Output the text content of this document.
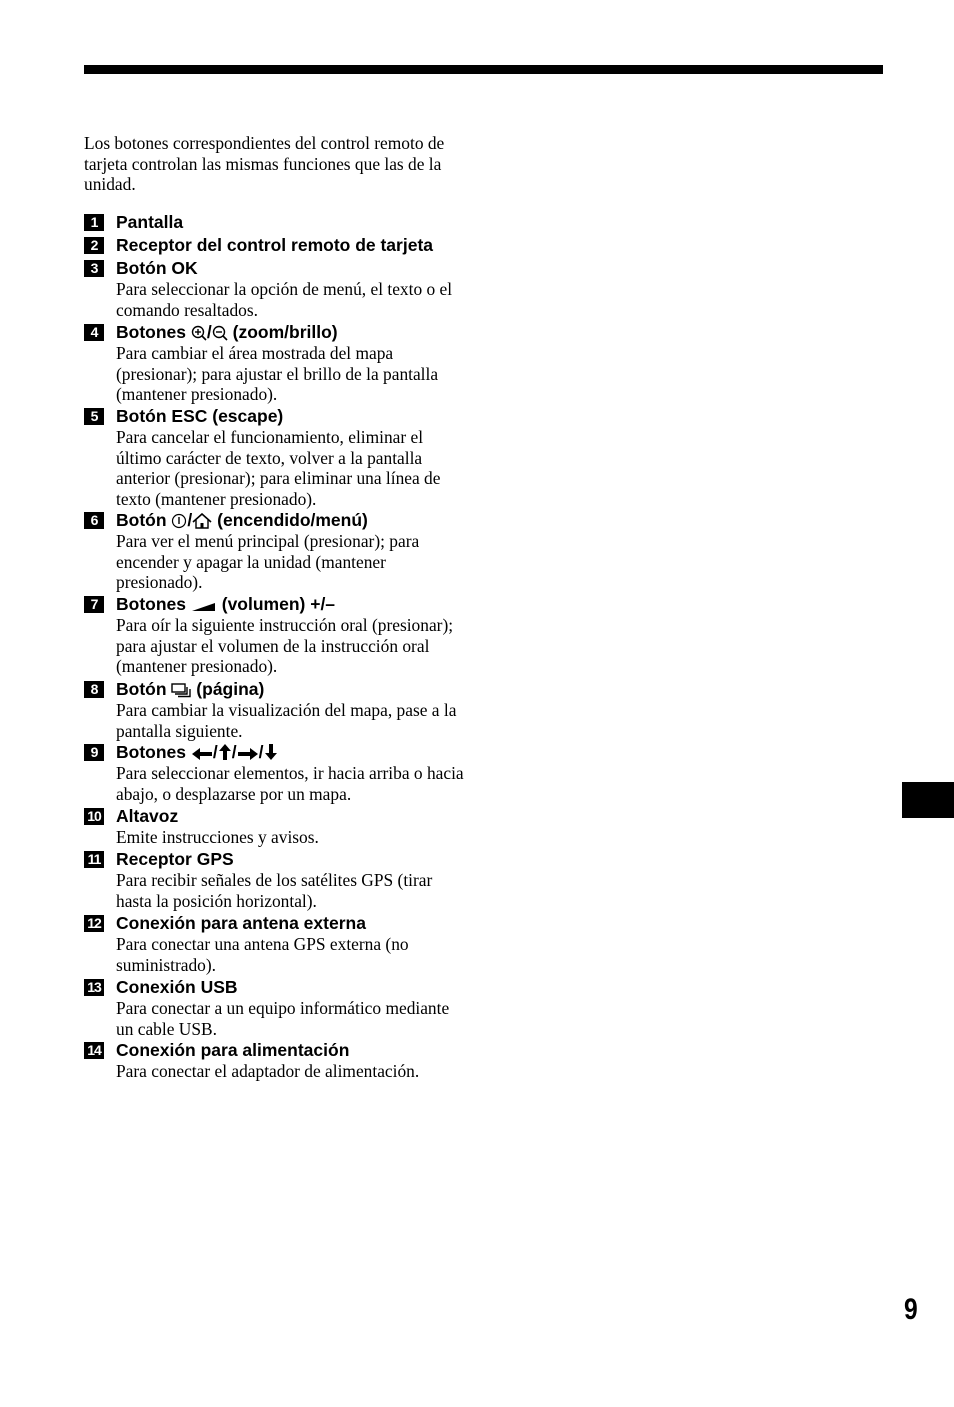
Los botones correspondientes del control remoto de tarjeta controlan las mismas funciones que las de la unidad.

1	Pantalla
2	Receptor del control remoto de tarjeta
3	Botón OK
Para seleccionar la opción de menú, el texto o el comando resaltados.
4	Botones / (zoom/brillo)
Para cambiar el área mostrada del mapa (presionar); para ajustar el brillo de la pantalla (mantener presionado).
5	Botón ESC (escape)
Para cancelar el funcionamiento, eliminar el último carácter de texto, volver a la pantalla anterior (presionar); para eliminar una línea de texto (mantener presionado).
6	Botón / (encendido/menú)
Para ver el menú principal (presionar); para encender y apagar la unidad (mantener presionado).
7	Botones (volumen) +/–
Para oír la siguiente instrucción oral (presionar); para ajustar el volumen de la instrucción oral (mantener presionado).
8	Botón (página)
Para cambiar la visualización del mapa, pase a la pantalla siguiente.
9	Botones / / /
Para seleccionar elementos, ir hacia arriba o hacia abajo, o desplazarse por un mapa.
10 Altavoz
Emite instrucciones y avisos.
11 Receptor GPS
Para recibir señales de los satélites GPS (tirar hasta la posición horizontal).
12 Conexión para antena externa
Para conectar una antena GPS externa (no suministrado).
13 Conexión USB
Para conectar a un equipo informático mediante un cable USB.
14 Conexión para alimentación
Para conectar el adaptador de alimentación.
9
